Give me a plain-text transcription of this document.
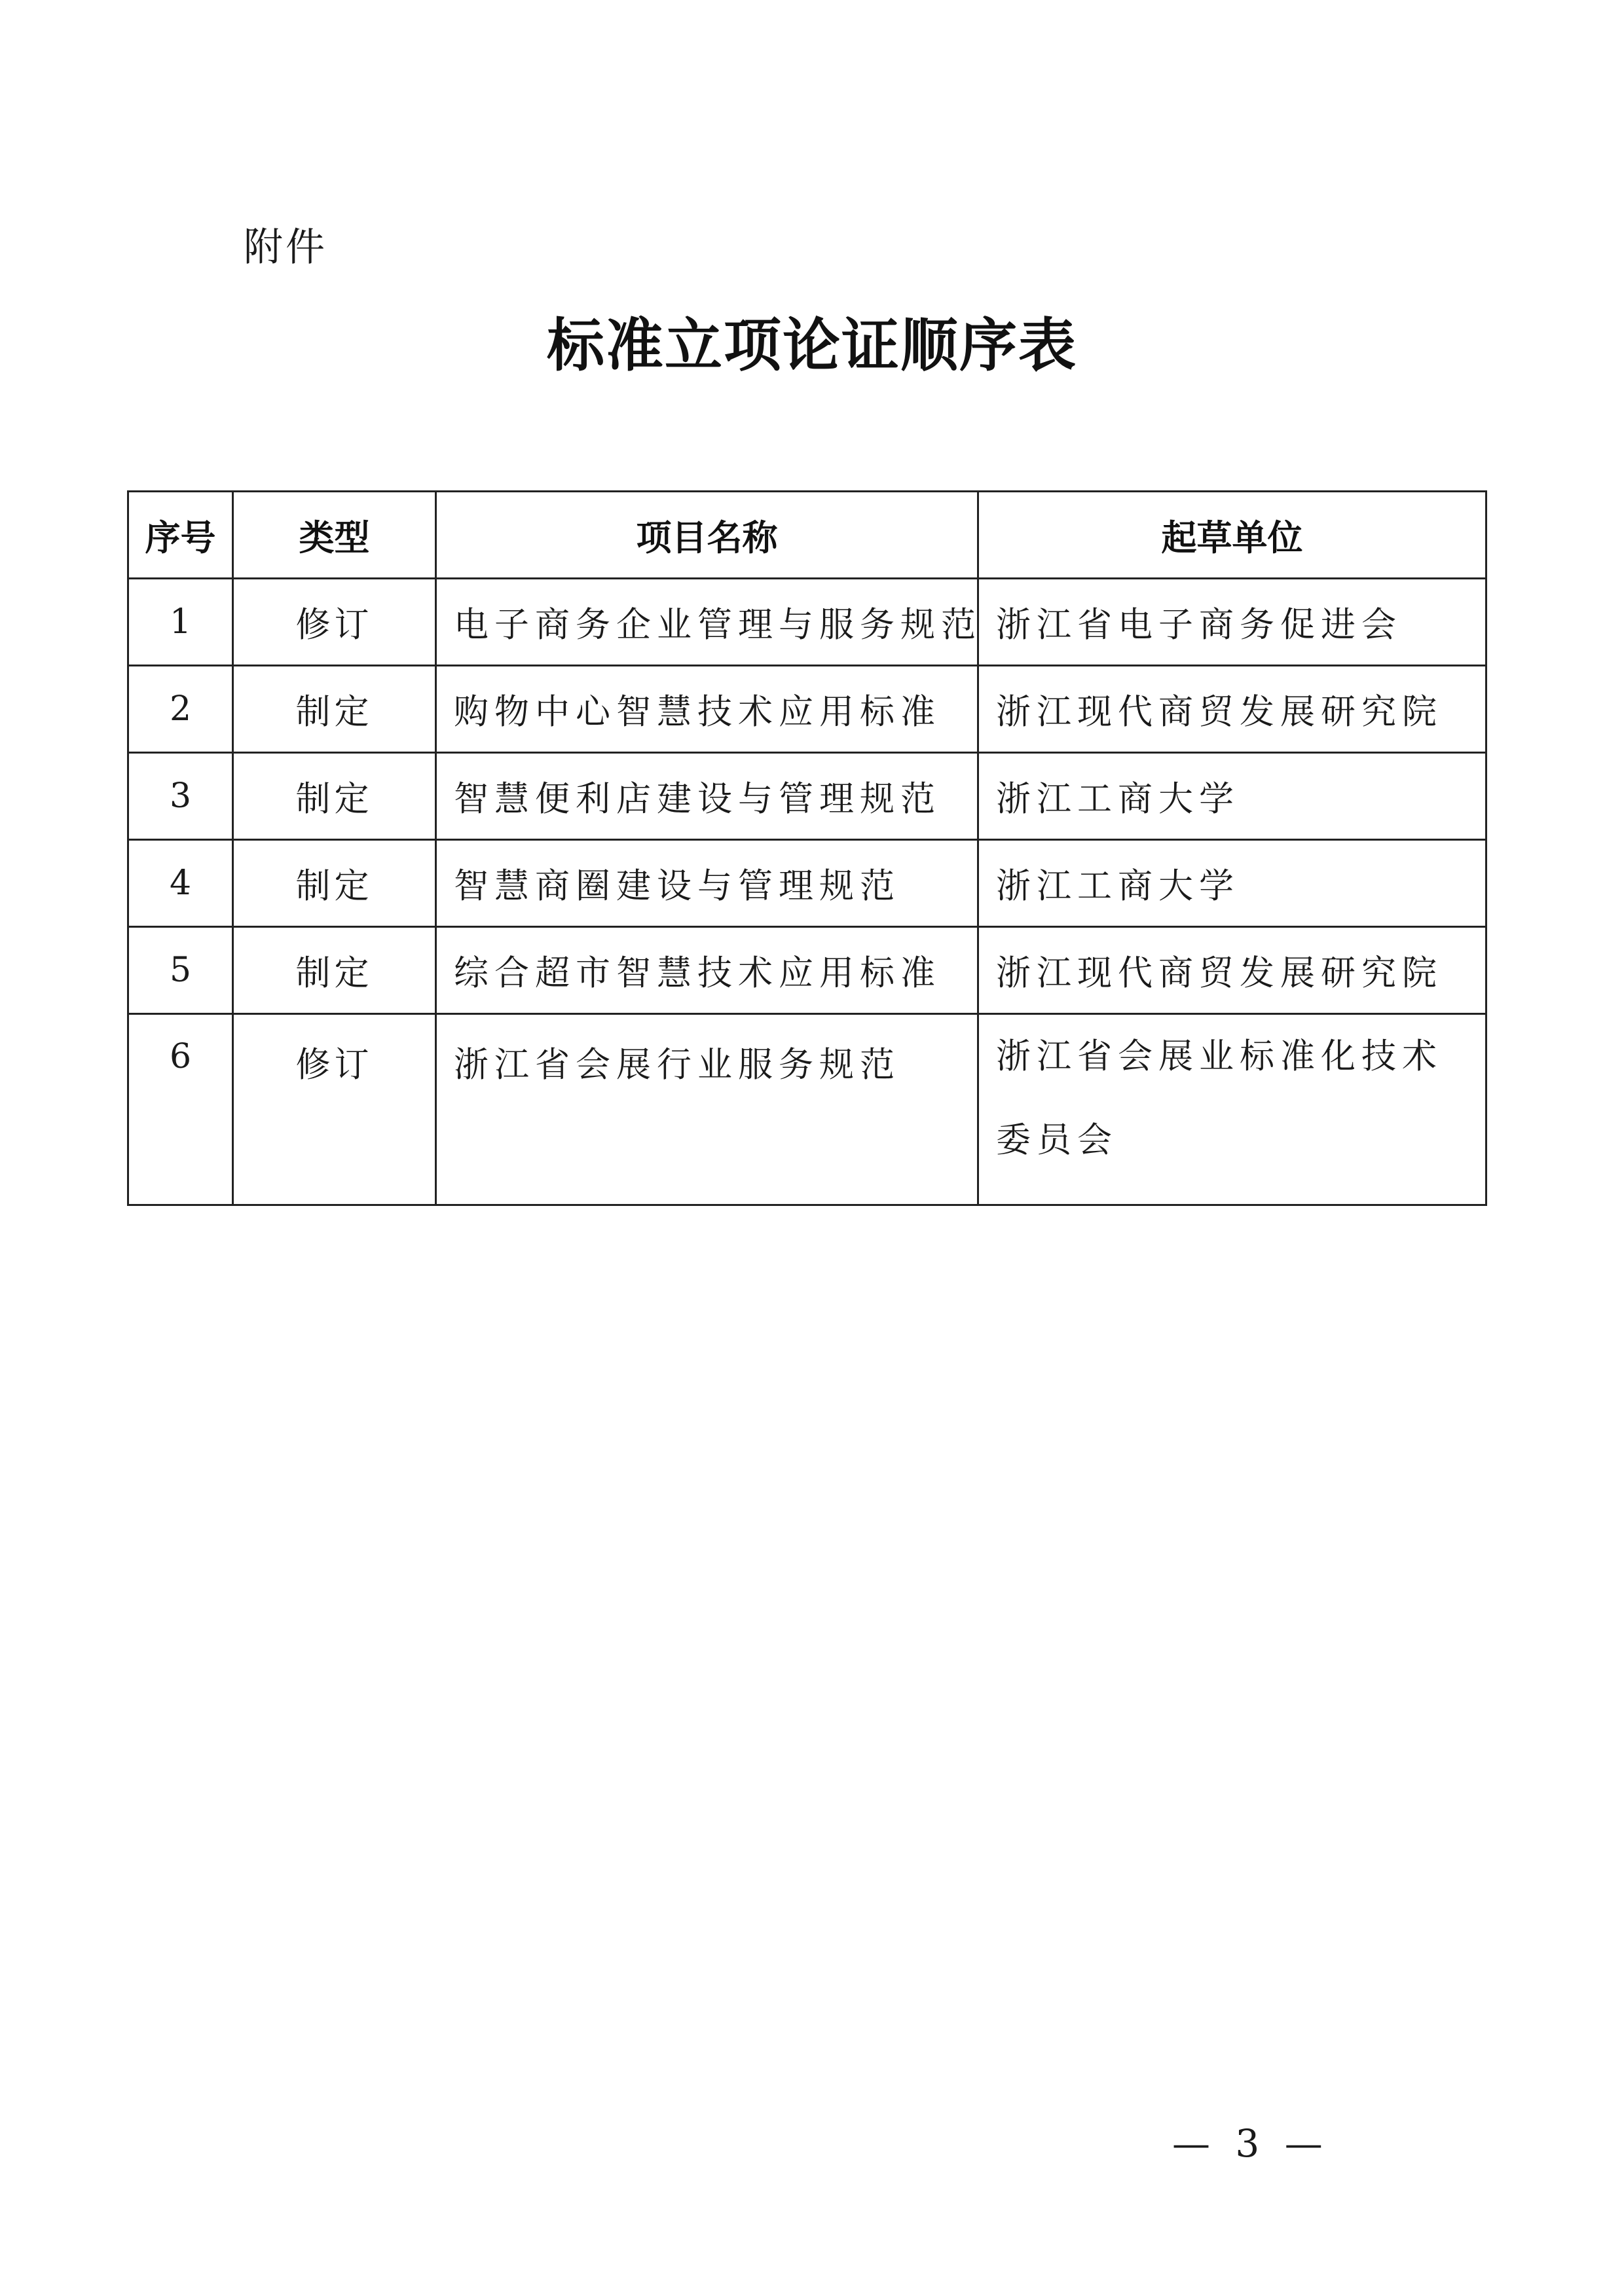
附件
标准立项论证顺序表
序号	类型	项目名称	起草单位
1	修订	电子商务企业管理与服务规范	浙江省电子商务促进会
2	制定	购物中心智慧技术应用标准	浙江现代商贸发展研究院
3	制定	智慧便利店建设与管理规范	浙江工商大学
4	制定	智慧商圈建设与管理规范	浙江工商大学
5	制定	综合超市智慧技术应用标准	浙江现代商贸发展研究院
6	修订	浙江省会展行业服务规范	浙江省会展业标准化技术委员会
— 3 —
